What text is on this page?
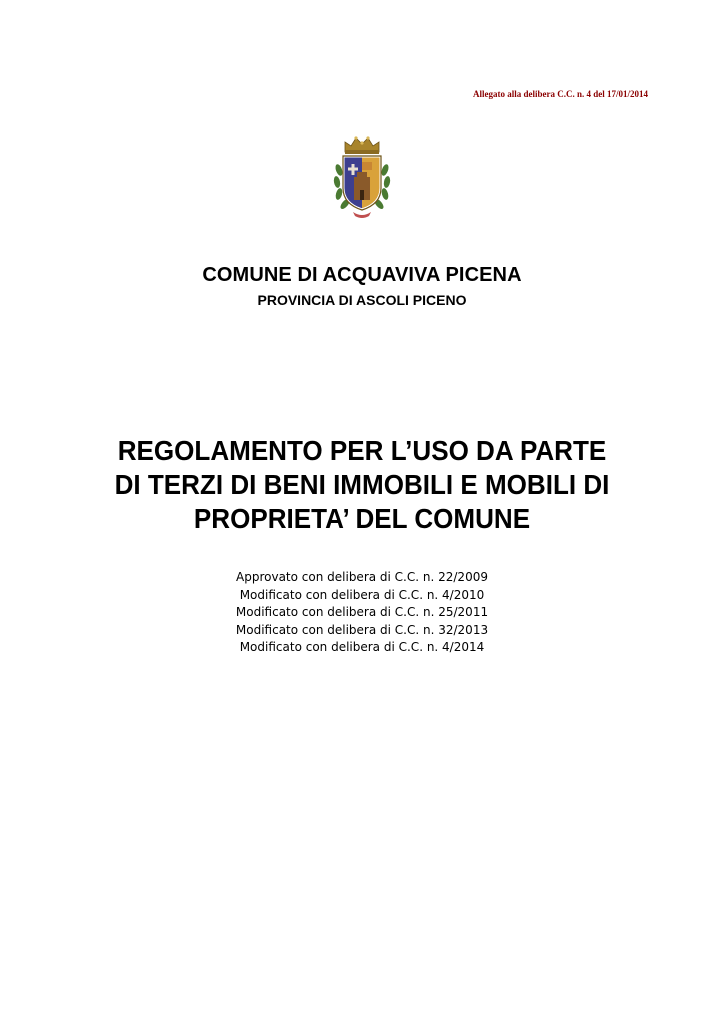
Allegato alla delibera C.C. n. 4 del 17/01/2014
COMUNE DI ACQUAVIVA PICENA
PROVINCIA DI ASCOLI PICENO
REGOLAMENTO PER L’USO DA PARTE
DI TERZI DI BENI IMMOBILI E MOBILI DI
PROPRIETA’ DEL COMUNE
Approvato con delibera di C.C. n. 22/2009
Modificato con delibera di C.C. n. 4/2010
Modificato con delibera di C.C. n. 25/2011
Modificato con delibera di C.C. n. 32/2013
Modificato con delibera di C.C. n. 4/2014
